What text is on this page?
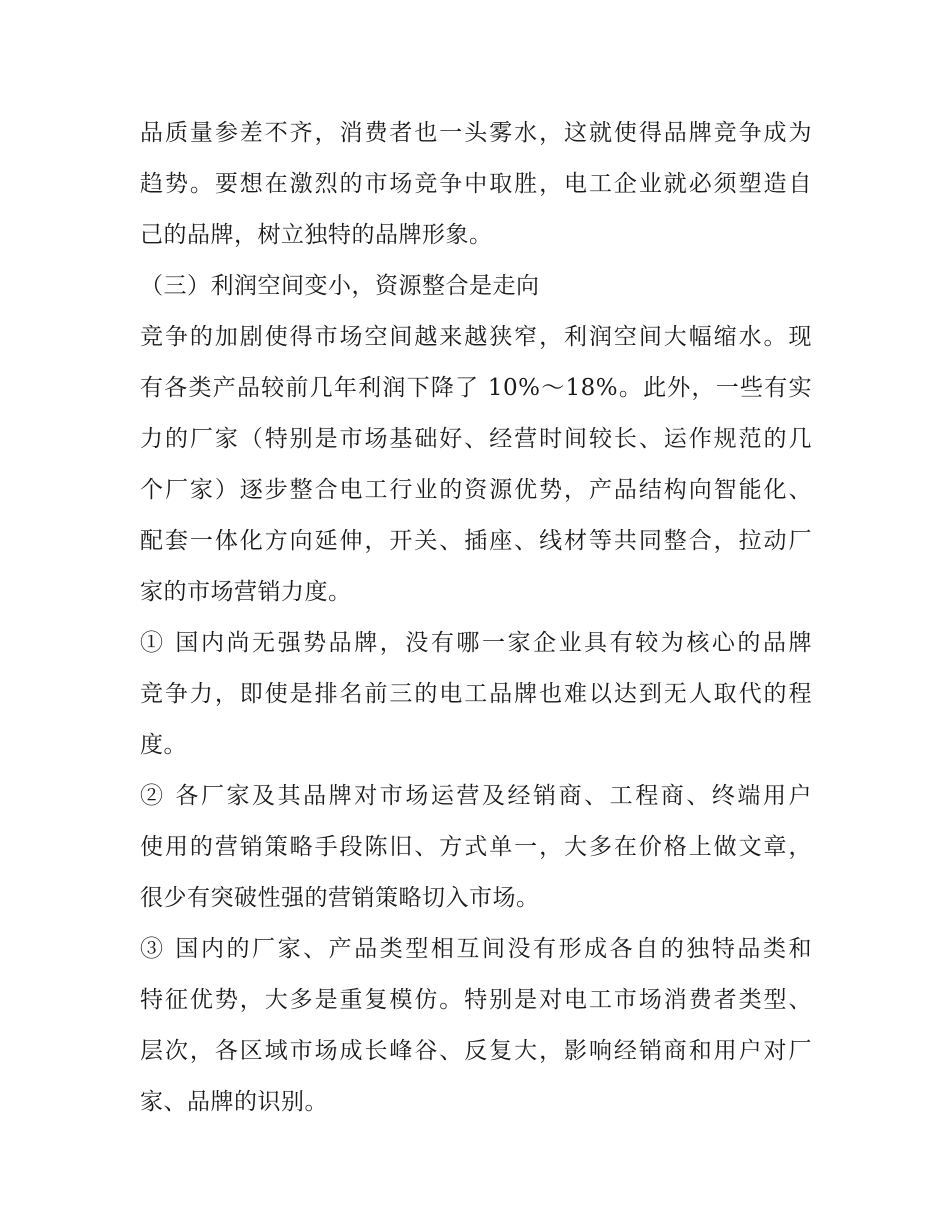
品质量参差不齐，消费者也一头雾水，这就使得品牌竞争成为
趋势。要想在激烈的市场竞争中取胜，电工企业就必须塑造自
己的品牌，树立独特的品牌形象。
（三）利润空间变小，资源整合是走向
竞争的加剧使得市场空间越来越狭窄，利润空间大幅缩水。现
有各类产品较前几年利润下降了 10%～18%。此外，一些有实
力的厂家（特别是市场基础好、经营时间较长、运作规范的几
个厂家）逐步整合电工行业的资源优势，产品结构向智能化、
配套一体化方向延伸，开关、插座、线材等共同整合，拉动厂
家的市场营销力度。
① 国内尚无强势品牌，没有哪一家企业具有较为核心的品牌
竞争力，即使是排名前三的电工品牌也难以达到无人取代的程
度。
② 各厂家及其品牌对市场运营及经销商、工程商、终端用户
使用的营销策略手段陈旧、方式单一，大多在价格上做文章，
很少有突破性强的营销策略切入市场。
③ 国内的厂家、产品类型相互间没有形成各自的独特品类和
特征优势，大多是重复模仿。特别是对电工市场消费者类型、
层次，各区域市场成长峰谷、反复大，影响经销商和用户对厂
家、品牌的识别。
